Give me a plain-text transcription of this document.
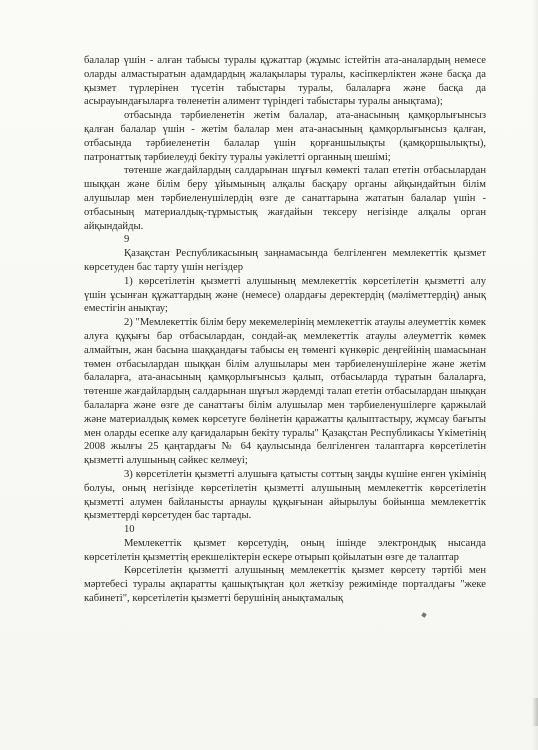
балалар үшін - алған табысы туралы құжаттар (жұмыс істейтін ата-аналардың немесе оларды алмастыратын адамдардың жалақылары туралы, кәсіпкерліктен және басқа да қызмет түрлерінен түсетін табыстары туралы, балаларға және басқа да асырауындағыларға төленетін алимент түріндегі табыстары туралы анықтама);

отбасында тәрбиеленетін жетім балалар, ата-анасының қамқорлығынсыз қалған балалар үшін - жетім балалар мен ата-анасының қамқорлығынсыз қалған, отбасында тәрбиеленетін балалар үшін қорғаншылықты (қамқоршылықты), патронаттық тәрбиелеуді бекіту туралы уәкілетті органның шешімі;

төтенше жағдайлардың салдарынан шұғыл көмекті талап ететін отбасылардан шыққан және білім беру ұйымының алқалы басқару органы айқындайтын білім алушылар мен тәрбиеленушілердің өзге де санаттарына жататын балалар үшін - отбасының материалдық-тұрмыстық жағдайын тексеру негізінде алқалы орган айқындайды.

9

Қазақстан Республикасының заңнамасында белгіленген мемлекеттік қызмет көрсетуден бас тарту үшін негіздер

1) көрсетілетін қызметті алушының мемлекеттік көрсетілетін қызметті алу үшін ұсынған құжаттардың және (немесе) олардағы деректердің (мәліметтердің) анық еместігін анықтау;

2) "Мемлекеттік білім беру мекемелерінің мемлекеттік атаулы әлеуметтік көмек алуға құқығы бар отбасылардан, сондай-ақ мемлекеттік атаулы әлеуметтік көмек алмайтын, жан басына шаққандағы табысы ең төменгі күнкөріс деңгейінің шамасынан төмен отбасылардан шыққан білім алушылары мен тәрбиеленушілеріне және жетім балаларға, ата-анасының қамқорлығынсыз қалып, отбасыларда тұратын балаларға, төтенше жағдайлардың салдарынан шұғыл жәрдемді талап ететін отбасылардан шыққан балаларға және өзге де санаттағы білім алушылар мен тәрбиеленушілерге қаржылай және материалдық көмек көрсетуге бөлінетін қаражатты қалыптастыру, жұмсау бағыты мен оларды есепке алу қағидаларын бекіту туралы" Қазақстан Республикасы Үкіметінің 2008 жылғы 25 қаңтардағы № 64 қаулысында белгіленген талаптарға көрсетілетін қызметті алушының сәйкес келмеуі;

3) көрсетілетін қызметті алушыға қатысты соттың заңды күшіне енген үкімінің болуы, оның негізінде көрсетілетін қызметті алушының мемлекеттік көрсетілетін қызметті алумен байланысты арнаулы құқығынан айырылуы бойынша мемлекеттік қызметтерді көрсетуден бас тартады.

10

Мемлекеттік қызмет көрсетудің, оның ішінде электрондық нысанда көрсетілетін қызметтің ерекшеліктерін ескере отырып қойылатын өзге де талаптар

Көрсетілетін қызметті алушының мемлекеттік қызмет көрсету тәртібі мен мәртебесі туралы ақпаратты қашықтықтан қол жеткізу режимінде порталдағы "жеке кабинеті", көрсетілетін қызметті берушінің анықтамалық
